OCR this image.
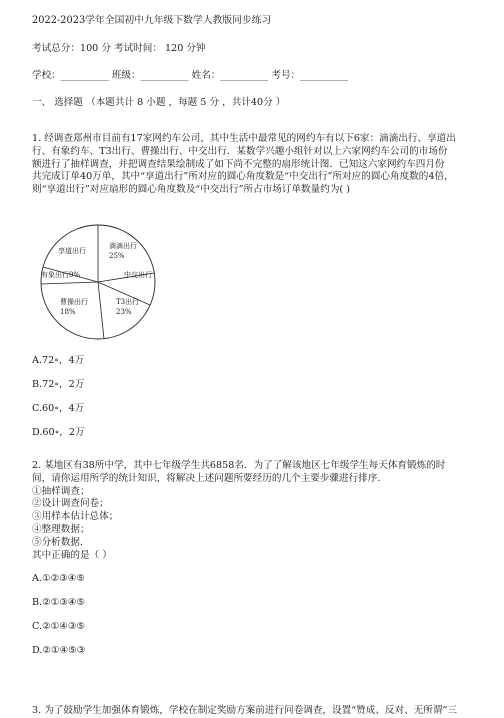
2022-2023学年全国初中九年级下数学人教版同步练习
考试总分：100 分 考试时间： 120 分钟
学校：__________ 班级：__________ 姓名：__________ 考号：__________
一、 选择题 （本题共计 8 小题 ，每题 5 分 ，共计40分 ）
1. 经调查郑州市目前有17家网约车公司，其中生活中最常见的网约车有以下6家：滴滴出行、享道出
行、有象约车、T3出行、曹操出行、中交出行．某数学兴趣小组针对以上六家网约车公司的市场份
额进行了抽样调查，并把调查结果绘制成了如下尚不完整的扇形统计图．已知这六家网约车四月份
共完成订单40万单，其中“享道出行”所对应的圆心角度数是“中交出行”所对应的圆心角度数的4倍，
则“享道出行”对应扇形的圆心角度数及“中交出行”所占市场订单数量约为( )
享道出行
滴滴出行
25%
有象出行9%	中交出行
曹操出行
18%
T3出行
23%
A.72∘，4万
B.72∘，2万
C.60∘，4万
D.60∘，2万
2. 某地区有38所中学，其中七年级学生共6858名．为了了解该地区七年级学生每天体育锻炼的时
间，请你运用所学的统计知识，将解决上述问题所要经历的几个主要步骤进行排序．
①抽样调查；
②设计调查问卷；
③用样本估计总体；
④整理数据；
⑤分析数据．
其中正确的是（ ）
A.①②③④⑤
B.②①③④⑤
C.②①④③⑤
D.②①④⑤③
3. 为了鼓励学生加强体育锻炼，学校在制定奖励方案前进行问卷调查，设置“赞成、反对、无所谓”三
